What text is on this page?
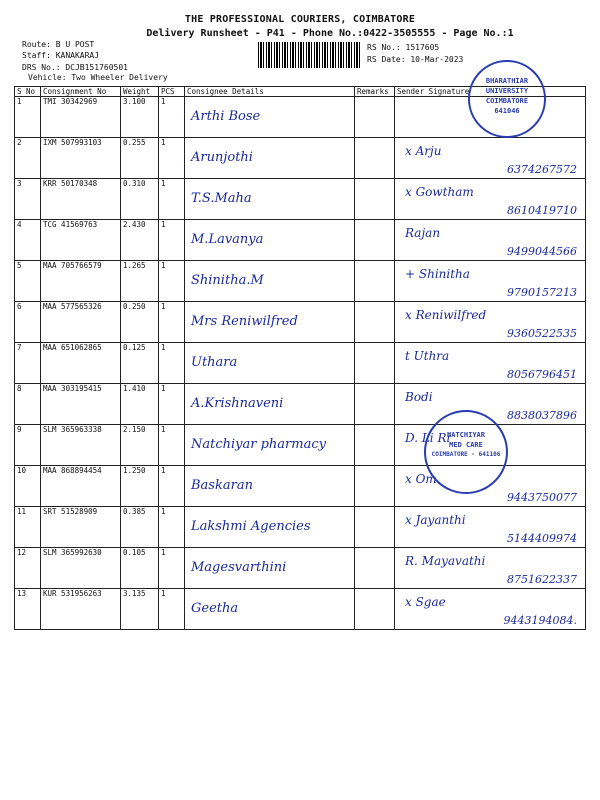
THE PROFESSIONAL COURIERS, COIMBATORE
Delivery Runsheet - P41 - Phone No.:0422-3505555 - Page No.:1
Route: B U POST
Staff: KANAKARAJ
DRS No.: DCJB151760501
Vehicle: Two Wheeler Delivery
RS No.: 1517605
RS Date: 10-Mar-2023
S No	Consignment No	Weight	PCS	Consignee Details	Remarks	Sender Signature
1	TMI 30342969	3.100	1	Arthi Bose		

2	IXM 507993103	0.255	1	Arunjothi		x Arju
6374267572

3	KRR 50170348	0.310	1	T.S.Maha		x Gowtham
8610419710

4	TCG 41569763	2.430	1	M.Lavanya		Rajan
9499044566

5	MAA 705766579	1.265	1	Shinitha.M		+ Shinitha
9790157213

6	MAA 577565326	0.250	1	Mrs Reniwilfred		x Reniwilfred
9360522535

7	MAA 651062865	0.125	1	Uthara		t Uthra
8056796451

8	MAA 303195415	1.410	1	A.Krishnaveni		Bodi
8838037896

9	SLM 365963338	2.150	1	Natchiyar pharmacy		D. Li Ri

10	MAA 868894454	1.250	1	Baskaran		x Om
9443750077

11	SRT 51528909	0.385	1	Lakshmi Agencies		x Jayanthi
5144409974

12	SLM 365992630	0.105	1	Magesvarthini		R. Mayavathi
8751622337

13	KUR 531956263	3.135	1	Geetha		x Sgae
9443194084.
BHARATHIAR
UNIVERSITY
COIMBATORE
641046
NATCHIYAR
MED CARE
COIMBATORE - 641106
